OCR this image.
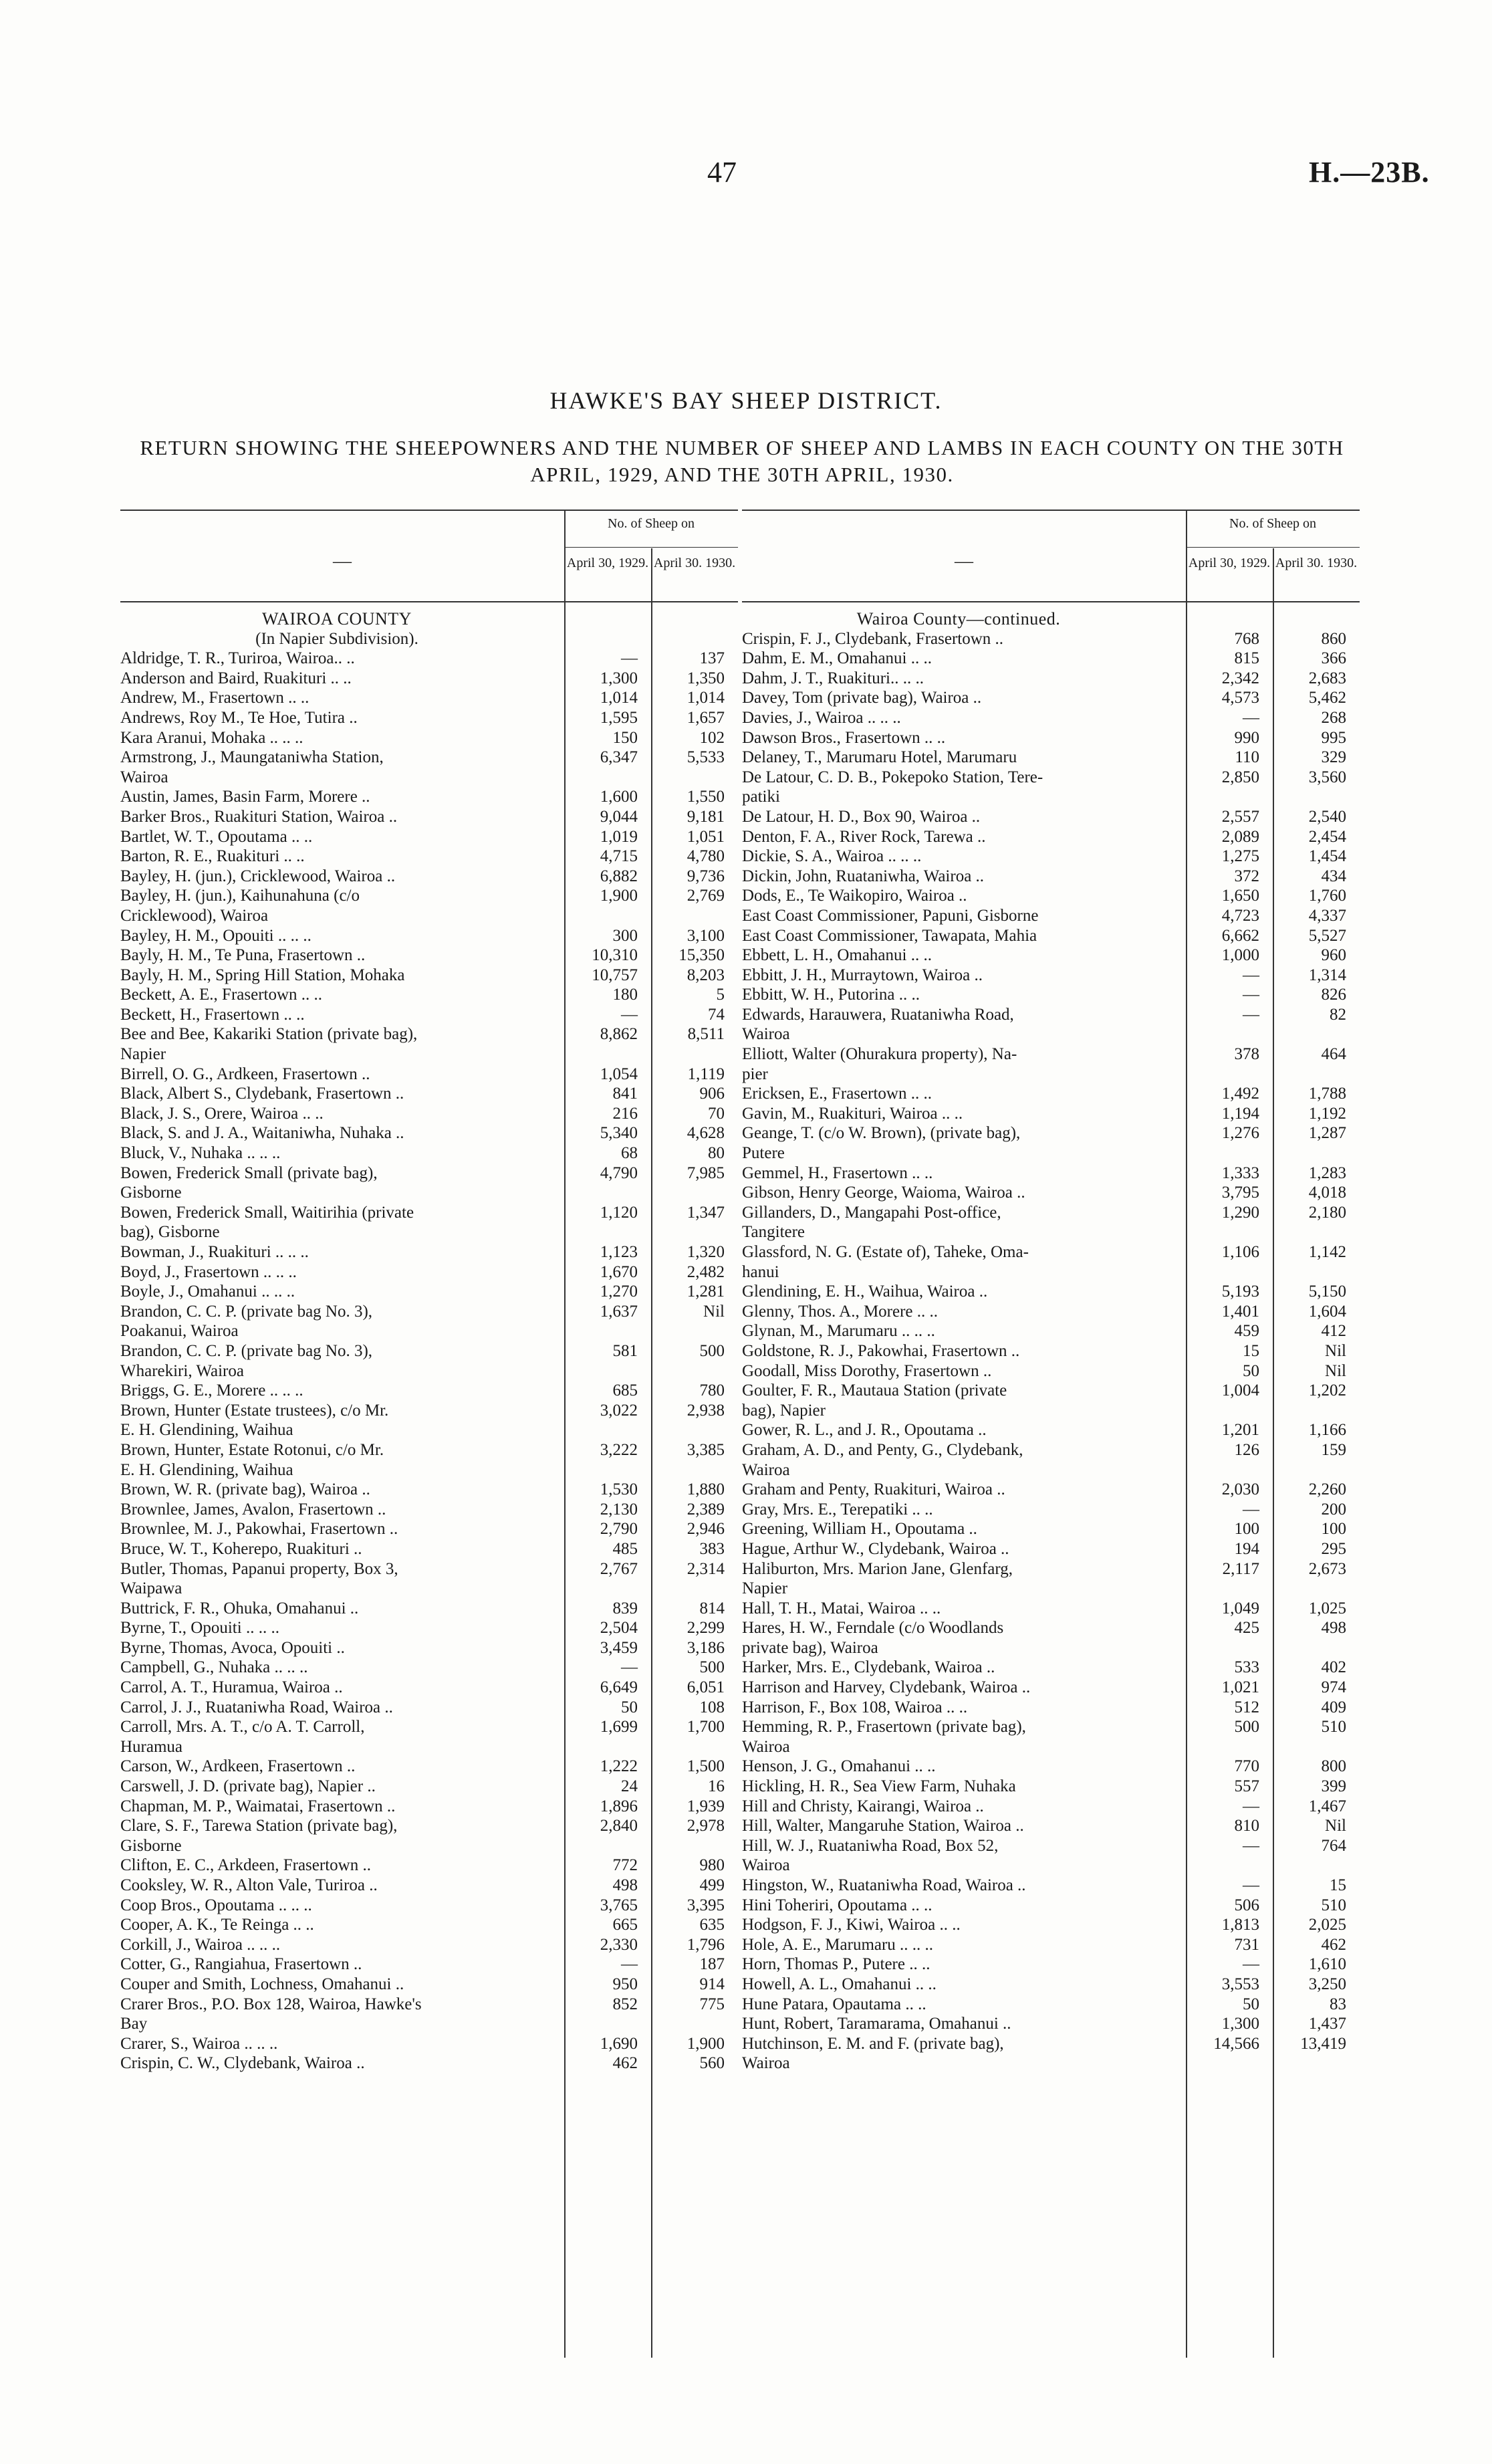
47	H.—23B.
HAWKE'S BAY SHEEP DISTRICT.
RETURN SHOWING THE SHEEPOWNERS AND THE NUMBER OF SHEEP AND LAMBS IN EACH COUNTY ON THE 30TH APRIL, 1929, AND THE 30TH APRIL, 1930.
—
No. of Sheep on
April 30, 1929. April 30. 1930.
WAIROA COUNTY
(In Napier Subdivision).
Aldridge, T. R., Turiroa, Wairoa.. ..	—	137
Anderson and Baird, Ruakituri .. ..	1,300	1,350
Andrew, M., Frasertown .. ..	1,014	1,014
Andrews, Roy M., Te Hoe, Tutira ..	1,595	1,657
Kara Aranui, Mohaka .. .. ..	150	102
Armstrong, J., Maungataniwha Station,	6,347	5,533
Wairoa
Austin, James, Basin Farm, Morere ..	1,600	1,550
Barker Bros., Ruakituri Station, Wairoa ..	9,044	9,181
Bartlet, W. T., Opoutama .. ..	1,019	1,051
Barton, R. E., Ruakituri .. ..	4,715	4,780
Bayley, H. (jun.), Cricklewood, Wairoa ..	6,882	9,736
Bayley, H. (jun.), Kaihunahuna (c/o	1,900	2,769
Cricklewood), Wairoa
Bayley, H. M., Opouiti .. .. ..	300	3,100
Bayly, H. M., Te Puna, Frasertown ..	10,310	15,350
Bayly, H. M., Spring Hill Station, Mohaka	10,757	8,203
Beckett, A. E., Frasertown .. ..	180	5
Beckett, H., Frasertown .. ..	—	74
Bee and Bee, Kakariki Station (private bag),	8,862	8,511
Napier
Birrell, O. G., Ardkeen, Frasertown ..	1,054	1,119
Black, Albert S., Clydebank, Frasertown ..	841	906
Black, J. S., Orere, Wairoa .. ..	216	70
Black, S. and J. A., Waitaniwha, Nuhaka ..	5,340	4,628
Bluck, V., Nuhaka .. .. ..	68	80
Bowen, Frederick Small (private bag),	4,790	7,985
Gisborne
Bowen, Frederick Small, Waitirihia (private	1,120	1,347
bag), Gisborne
Bowman, J., Ruakituri .. .. ..	1,123	1,320
Boyd, J., Frasertown .. .. ..	1,670	2,482
Boyle, J., Omahanui .. .. ..	1,270	1,281
Brandon, C. C. P. (private bag No. 3),	1,637	Nil
Poakanui, Wairoa
Brandon, C. C. P. (private bag No. 3),	581	500
Wharekiri, Wairoa
Briggs, G. E., Morere .. .. ..	685	780
Brown, Hunter (Estate trustees), c/o Mr.	3,022	2,938
E. H. Glendining, Waihua
Brown, Hunter, Estate Rotonui, c/o Mr.	3,222	3,385
E. H. Glendining, Waihua
Brown, W. R. (private bag), Wairoa ..	1,530	1,880
Brownlee, James, Avalon, Frasertown ..	2,130	2,389
Brownlee, M. J., Pakowhai, Frasertown ..	2,790	2,946
Bruce, W. T., Koherepo, Ruakituri ..	485	383
Butler, Thomas, Papanui property, Box 3,	2,767	2,314
Waipawa
Buttrick, F. R., Ohuka, Omahanui ..	839	814
Byrne, T., Opouiti .. .. ..	2,504	2,299
Byrne, Thomas, Avoca, Opouiti ..	3,459	3,186
Campbell, G., Nuhaka .. .. ..	—	500
Carrol, A. T., Huramua, Wairoa ..	6,649	6,051
Carrol, J. J., Ruataniwha Road, Wairoa ..	50	108
Carroll, Mrs. A. T., c/o A. T. Carroll,	1,699	1,700
Huramua
Carson, W., Ardkeen, Frasertown ..	1,222	1,500
Carswell, J. D. (private bag), Napier ..	24	16
Chapman, M. P., Waimatai, Frasertown ..	1,896	1,939
Clare, S. F., Tarewa Station (private bag),	2,840	2,978
Gisborne
Clifton, E. C., Arkdeen, Frasertown ..	772	980
Cooksley, W. R., Alton Vale, Turiroa ..	498	499
Coop Bros., Opoutama .. .. ..	3,765	3,395
Cooper, A. K., Te Reinga .. ..	665	635
Corkill, J., Wairoa .. .. ..	2,330	1,796
Cotter, G., Rangiahua, Frasertown ..	—	187
Couper and Smith, Lochness, Omahanui ..	950	914
Crarer Bros., P.O. Box 128, Wairoa, Hawke's	852	775
Bay
Crarer, S., Wairoa .. .. ..	1,690	1,900
Crispin, C. W., Clydebank, Wairoa ..	462	560
—
No. of Sheep on
April 30, 1929. April 30. 1930.
Wairoa County—continued.
Crispin, F. J., Clydebank, Frasertown ..	768	860
Dahm, E. M., Omahanui .. ..	815	366
Dahm, J. T., Ruakituri.. .. ..	2,342	2,683
Davey, Tom (private bag), Wairoa ..	4,573	5,462
Davies, J., Wairoa .. .. ..	—	268
Dawson Bros., Frasertown .. ..	990	995
Delaney, T., Marumaru Hotel, Marumaru	110	329
De Latour, C. D. B., Pokepoko Station, Tere-	2,850	3,560
patiki
De Latour, H. D., Box 90, Wairoa ..	2,557	2,540
Denton, F. A., River Rock, Tarewa ..	2,089	2,454
Dickie, S. A., Wairoa .. .. ..	1,275	1,454
Dickin, John, Ruataniwha, Wairoa ..	372	434
Dods, E., Te Waikopiro, Wairoa ..	1,650	1,760
East Coast Commissioner, Papuni, Gisborne	4,723	4,337
East Coast Commissioner, Tawapata, Mahia	6,662	5,527
Ebbett, L. H., Omahanui .. ..	1,000	960
Ebbitt, J. H., Murraytown, Wairoa ..	—	1,314
Ebbitt, W. H., Putorina .. ..	—	826
Edwards, Harauwera, Ruataniwha Road,	—	82
Wairoa
Elliott, Walter (Ohurakura property), Na-	378	464
pier
Ericksen, E., Frasertown .. ..	1,492	1,788
Gavin, M., Ruakituri, Wairoa .. ..	1,194	1,192
Geange, T. (c/o W. Brown), (private bag),	1,276	1,287
Putere
Gemmel, H., Frasertown .. ..	1,333	1,283
Gibson, Henry George, Waioma, Wairoa ..	3,795	4,018
Gillanders, D., Mangapahi Post-office,	1,290	2,180
Tangitere
Glassford, N. G. (Estate of), Taheke, Oma-	1,106	1,142
hanui
Glendining, E. H., Waihua, Wairoa ..	5,193	5,150
Glenny, Thos. A., Morere .. ..	1,401	1,604
Glynan, M., Marumaru .. .. ..	459	412
Goldstone, R. J., Pakowhai, Frasertown ..	15	Nil
Goodall, Miss Dorothy, Frasertown ..	50	Nil
Goulter, F. R., Mautaua Station (private	1,004	1,202
bag), Napier
Gower, R. L., and J. R., Opoutama ..	1,201	1,166
Graham, A. D., and Penty, G., Clydebank,	126	159
Wairoa
Graham and Penty, Ruakituri, Wairoa ..	2,030	2,260
Gray, Mrs. E., Terepatiki .. ..	—	200
Greening, William H., Opoutama ..	100	100
Hague, Arthur W., Clydebank, Wairoa ..	194	295
Haliburton, Mrs. Marion Jane, Glenfarg,	2,117	2,673
Napier
Hall, T. H., Matai, Wairoa .. ..	1,049	1,025
Hares, H. W., Ferndale (c/o Woodlands	425	498
private bag), Wairoa
Harker, Mrs. E., Clydebank, Wairoa ..	533	402
Harrison and Harvey, Clydebank, Wairoa ..	1,021	974
Harrison, F., Box 108, Wairoa .. ..	512	409
Hemming, R. P., Frasertown (private bag),	500	510
Wairoa
Henson, J. G., Omahanui .. ..	770	800
Hickling, H. R., Sea View Farm, Nuhaka	557	399
Hill and Christy, Kairangi, Wairoa ..	—	1,467
Hill, Walter, Mangaruhe Station, Wairoa ..	810	Nil
Hill, W. J., Ruataniwha Road, Box 52,	—	764
Wairoa
Hingston, W., Ruataniwha Road, Wairoa ..	—	15
Hini Toheriri, Opoutama .. ..	506	510
Hodgson, F. J., Kiwi, Wairoa .. ..	1,813	2,025
Hole, A. E., Marumaru .. .. ..	731	462
Horn, Thomas P., Putere .. ..	—	1,610
Howell, A. L., Omahanui .. ..	3,553	3,250
Hune Patara, Opautama .. ..	50	83
Hunt, Robert, Taramarama, Omahanui ..	1,300	1,437
Hutchinson, E. M. and F. (private bag),	14,566	13,419
Wairoa
